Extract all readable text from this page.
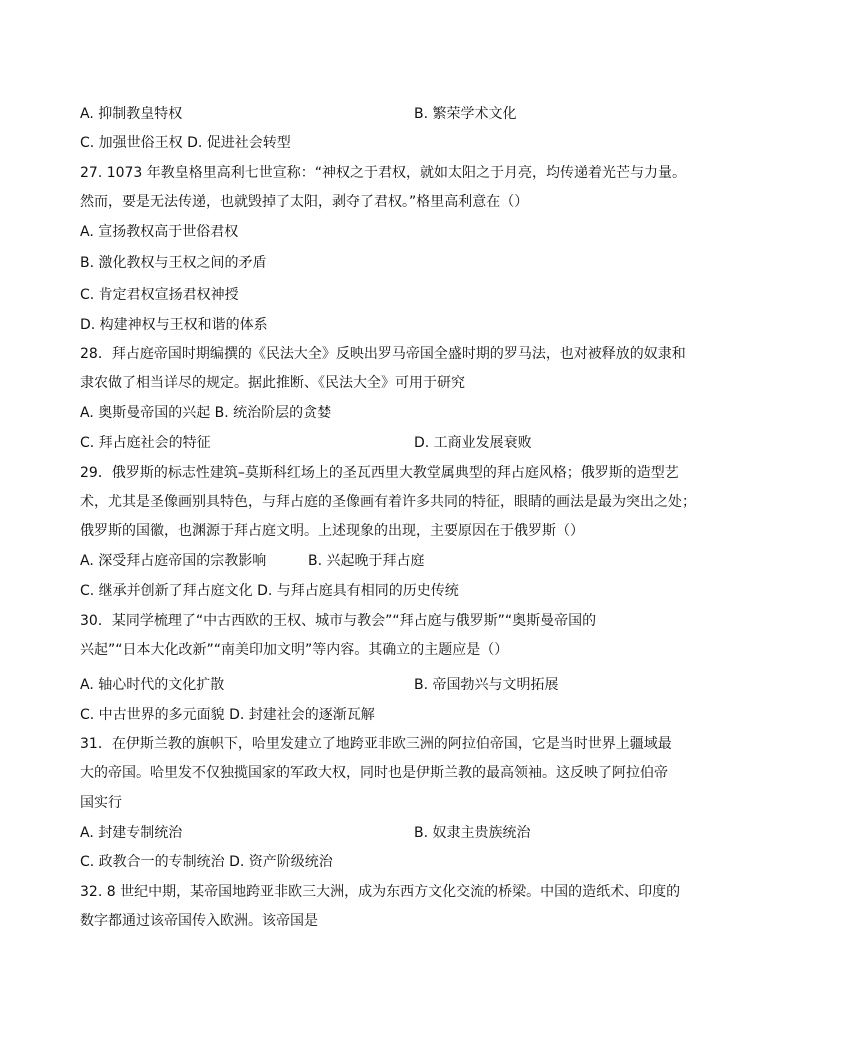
A. 抑制教皇特权	B. 繁荣学术文化
C. 加强世俗王权 D. 促进社会转型
27. 1073 年教皇格里高利七世宣称：“神权之于君权，就如太阳之于月亮，均传递着光芒与力量。
然而，要是无法传递，也就毁掉了太阳，剥夺了君权。”格里高利意在（）
A. 宣扬教权高于世俗君权
B. 激化教权与王权之间的矛盾
C. 肯定君权宣扬君权神授
D. 构建神权与王权和谐的体系
28．拜占庭帝国时期编撰的《民法大全》反映出罗马帝国全盛时期的罗马法，也对被释放的奴隶和
隶农做了相当详尽的规定。据此推断、《民法大全》可用于研究
A. 奥斯曼帝国的兴起 B. 统治阶层的贪婪
C. 拜占庭社会的特征	D. 工商业发展衰败
29．俄罗斯的标志性建筑–莫斯科红场上的圣瓦西里大教堂属典型的拜占庭风格；俄罗斯的造型艺
术，尤其是圣像画别具特色，与拜占庭的圣像画有着许多共同的特征，眼睛的画法是最为突出之处；
俄罗斯的国徽，也渊源于拜占庭文明。上述现象的出现，主要原因在于俄罗斯（）
A. 深受拜占庭帝国的宗教影响	B. 兴起晚于拜占庭
C. 继承并创新了拜占庭文化 D. 与拜占庭具有相同的历史传统
30．某同学梳理了“中古西欧的王权、城市与教会”“拜占庭与俄罗斯”“奥斯曼帝国的
兴起”“日本大化改新”“南美印加文明”等内容。其确立的主题应是（）
A. 轴心时代的文化扩散	B. 帝国勃兴与文明拓展
C. 中古世界的多元面貌 D. 封建社会的逐渐瓦解
31．在伊斯兰教的旗帜下，哈里发建立了地跨亚非欧三洲的阿拉伯帝国，它是当时世界上疆域最
大的帝国。哈里发不仅独揽国家的军政大权，同时也是伊斯兰教的最高领袖。这反映了阿拉伯帝
国实行
A. 封建专制统治	B. 奴隶主贵族统治
C. 政教合一的专制统治 D. 资产阶级统治
32. 8 世纪中期，某帝国地跨亚非欧三大洲，成为东西方文化交流的桥梁。中国的造纸术、印度的
数字都通过该帝国传入欧洲。该帝国是
